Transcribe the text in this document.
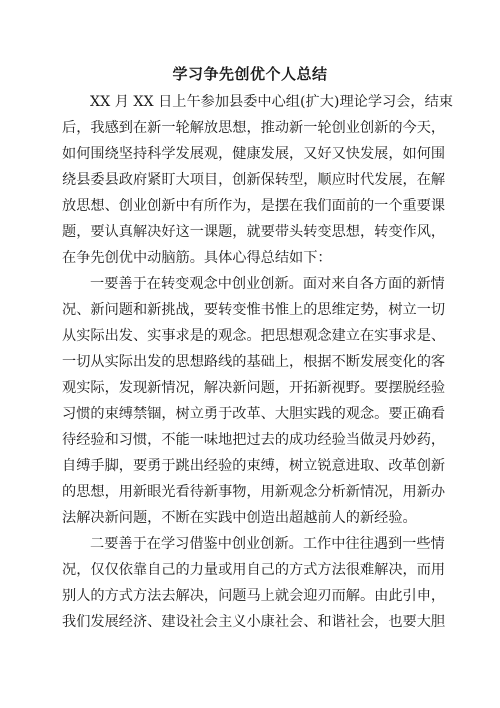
学习争先创优个人总结
XX 月 XX 日上午参加县委中心组(扩大)理论学习会，结束
后，我感到在新一轮解放思想，推动新一轮创业创新的今天，
如何围绕坚持科学发展观，健康发展，又好又快发展，如何围
绕县委县政府紧盯大项目，创新保转型，顺应时代发展，在解
放思想、创业创新中有所作为，是摆在我们面前的一个重要课
题，要认真解决好这一课题，就要带头转变思想，转变作风，
在争先创优中动脑筋。具体心得总结如下：
一要善于在转变观念中创业创新。面对来自各方面的新情
况、新问题和新挑战，要转变惟书惟上的思维定势，树立一切
从实际出发、实事求是的观念。把思想观念建立在实事求是、
一切从实际出发的思想路线的基础上，根据不断发展变化的客
观实际，发现新情况，解决新问题，开拓新视野。要摆脱经验
习惯的束缚禁锢，树立勇于改革、大胆实践的观念。要正确看
待经验和习惯，不能一味地把过去的成功经验当做灵丹妙药，
自缚手脚，要勇于跳出经验的束缚，树立锐意进取、改革创新
的思想，用新眼光看待新事物，用新观念分析新情况，用新办
法解决新问题，不断在实践中创造出超越前人的新经验。
二要善于在学习借鉴中创业创新。工作中往往遇到一些情
况，仅仅依靠自己的力量或用自己的方式方法很难解决，而用
别人的方式方法去解决，问题马上就会迎刃而解。由此引申，
我们发展经济、建设社会主义小康社会、和谐社会，也要大胆
